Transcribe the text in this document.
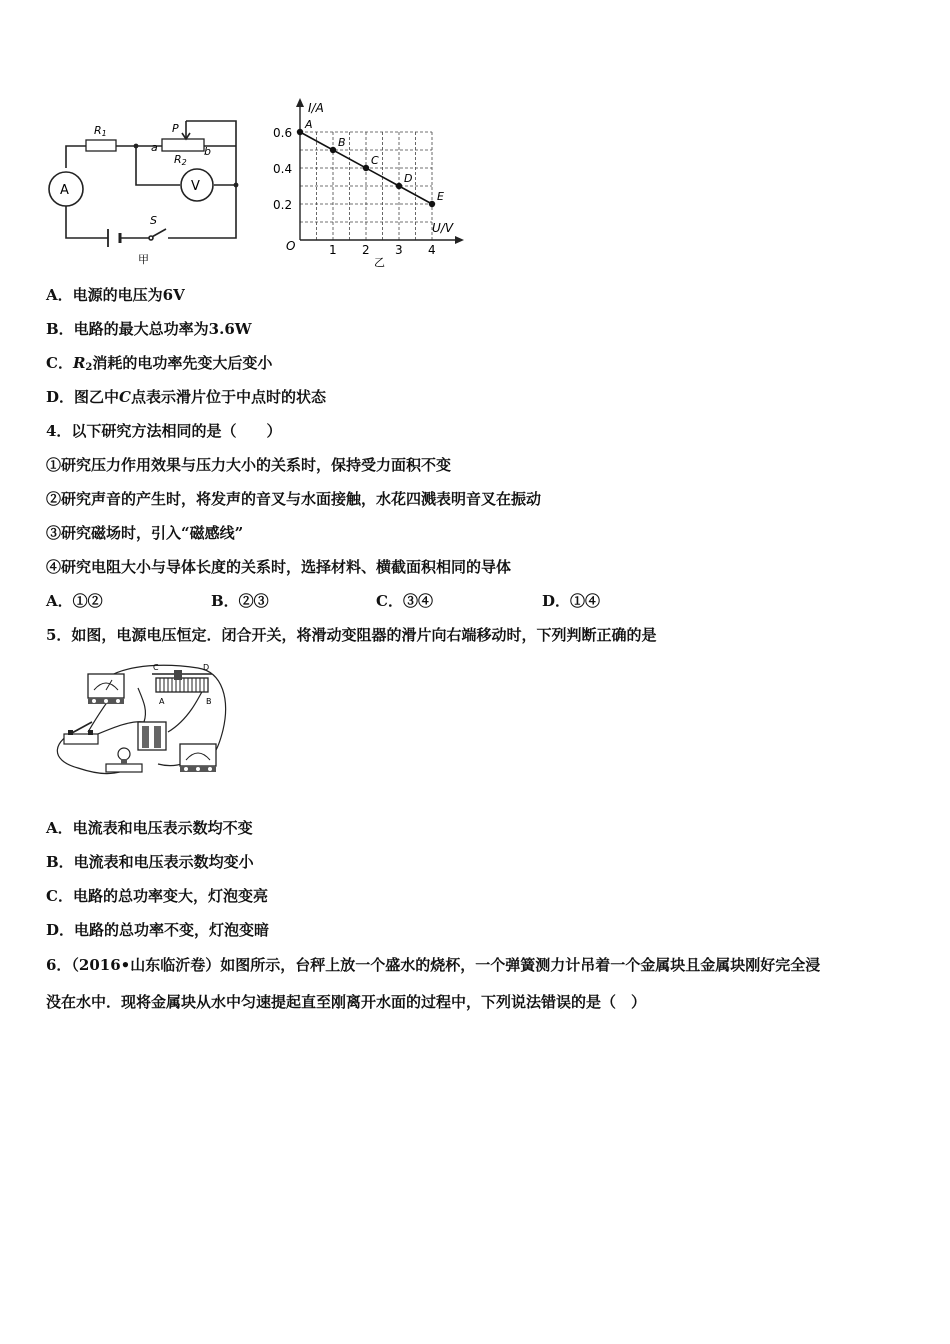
R1	P
a	b
R2
A	V
S
甲
I/A
U/V
O
乙
1 2 3 4
0.2
0.4
0.6
A
B
C
D
E
A．电源的电压为6V
B．电路的最大总功率为3.6W
C．$R_2$消耗的电功率先变大后变小
D．图乙中C点表示滑片位于中点时的状态
4．以下研究方法相同的是（　　）
①研究压力作用效果与压力大小的关系时，保持受力面积不变
②研究声音的产生时，将发声的音叉与水面接触，水花四溅表明音叉在振动
③研究磁场时，引入“磁感线”
④研究电阻大小与导体长度的关系时，选择材料、横截面积相同的导体
A．①②	B．②③	C．③④	D．①④
5．如图，电源电压恒定．闭合开关，将滑动变阻器的滑片向右端移动时，下列判断正确的是
C	D
A	B
A．电流表和电压表示数均不变
B．电流表和电压表示数均变小
C．电路的总功率变大，灯泡变亮
D．电路的总功率不变，灯泡变暗
6．（2016•山东临沂卷）如图所示，台秤上放一个盛水的烧杯，一个弹簧测力计吊着一个金属块且金属块刚好完全浸
没在水中．现将金属块从水中匀速提起直至刚离开水面的过程中，下列说法错误的是（　）
